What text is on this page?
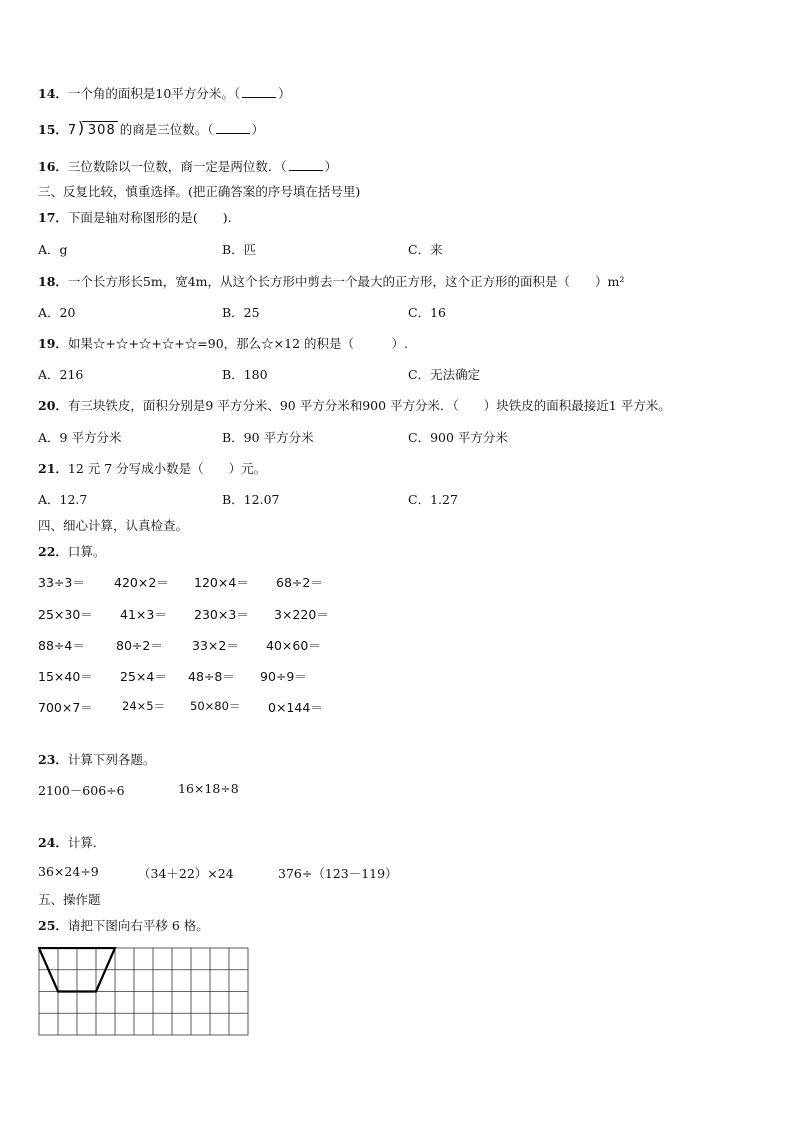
14．一个角的面积是10平方分米。（	）
15． 7 ) 308 的商是三位数。（	）
16．三位数除以一位数，商一定是两位数．（	）
三、反复比较，慎重选择。(把正确答案的序号填在括号里)
17．下面是轴对称图形的是(　　).
A．g	B．匹	C．来
18．一个长方形长5m，宽4m，从这个长方形中剪去一个最大的正方形，这个正方形的面积是（　　）m²
A．20	B．25	C．16
19．如果☆+☆+☆+☆+☆=90，那么☆×12 的积是（　　　）.
A．216	B．180	C．无法确定
20．有三块铁皮，面积分别是9 平方分米、90 平方分米和900 平方分米．（　　）块铁皮的面积最接近1 平方米。
A．9 平方分米	B．90 平方分米	C．900 平方分米
21．12 元 7 分写成小数是（　　）元。
A．12.7	B．12.07	C．1.27
四、细心计算，认真检查。
22．口算。
33÷3＝ 420×2＝ 120×4＝ 68÷2＝
25×30＝ 41×3＝ 230×3＝ 3×220＝
88÷4＝ 80÷2＝ 33×2＝ 40×60＝
15×40＝ 25×4＝ 48÷8＝ 90÷9＝
700×7＝	24×5＝ 50×80＝ 0×144＝
23．计算下列各题。
2100－606÷6	16×18÷8
24．计算.
36×24÷9	（34＋22）×24	376÷（123－119）
五、操作题
25．请把下图向右平移 6 格。
